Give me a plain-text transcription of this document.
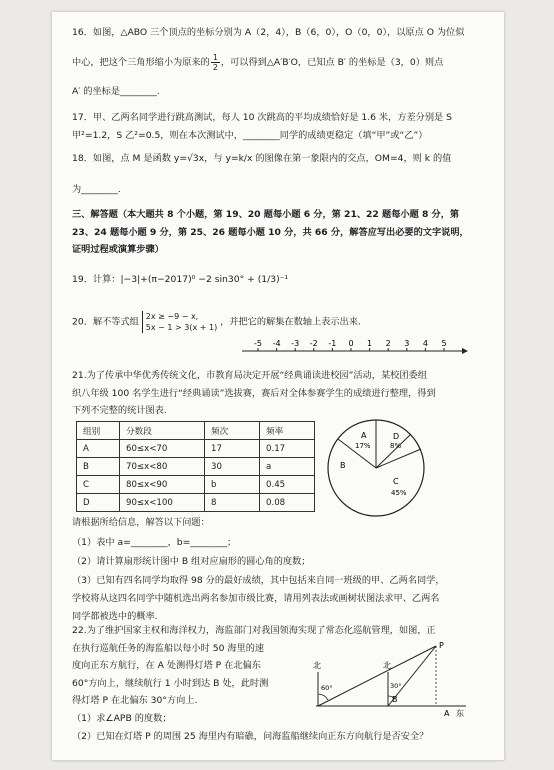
16．如图，△ABO 三个顶点的坐标分别为 A（2，4），B（6，0），O（0，0），以原点 O 为位似
中心，把这个三角形缩小为原来的 $\frac{1}{2}$ ，可以得到△A′B′O，已知点 B′ 的坐标是（3，0）则点
A′ 的坐标是________.
17．甲、乙两名同学进行跳高测试，每人 10 次跳高的平均成绩恰好是 1.6 米，方差分别是 S
甲²=1.2，S 乙²=0.5，则在本次测试中，________同学的成绩更稳定（填“甲”或“乙”）
18．如图，点 M 是函数 y=√3x，与 y=k/x 的图像在第一象限内的交点，OM=4，则 k 的值
为________.
三、解答题（本大题共 8 个小题，第 19、20 题每小题 6 分，第 21、22 题每小题 8 分，第
23、24 题每小题 9 分，第 25、26 题每小题 10 分，共 66 分，解答应写出必要的文字说明，
证明过程或演算步骤）
19．计算：|−3|+(π−2017)⁰ −2 sin30° + (1/3)⁻¹
20．解不等式组 2x ≥ −9 − x,
5x − 1 > 3(x + 1) ，并把它的解集在数轴上表示出来.
-5 -4 -3 -2 -1 0 1 2 3 4 5
21.为了传承中华优秀传统文化，市教育局决定开展“经典诵读进校园”活动，某校团委组
织八年级 100 名学生进行“经典诵读”选拔赛，赛后对全体参赛学生的成绩进行整理，得到
下列不完整的统计图表.
组别	分数段	频次	频率
A	60≤x<70	17	0.17
B	70≤x<80	30	a
C	80≤x<90	b	0.45
D	90≤x<100	8	0.08
A
17%
D
8%
B
C
45%
请根据所给信息，解答以下问题：
（1）表中 a=________，b=________；
（2）请计算扇形统计图中 B 组对应扇形的圆心角的度数；
（3）已知有四名同学均取得 98 分的最好成绩，其中包括来自同一班级的甲、乙两名同学，
学校将从这四名同学中随机选出两名参加市级比赛，请用列表法或画树状图法求甲、乙两名
同学都被选中的概率.
22.为了维护国家主权和海洋权力，海监部门对我国领海实现了常态化巡航管理，如图，正
在执行巡航任务的海监船以每小时 50 海里的速
度向正东方航行，在 A 处测得灯塔 P 在北偏东
60°方向上，继续航行 1 小时到达 B 处，此时测
得灯塔 P 在北偏东 30°方向上.
（1）求∠APB 的度数；
（2）已知在灯塔 P 的周围 25 海里内有暗礁，问海监船继续向正东方向航行是否安全？
北	北
P
A
B
东
60°	30°
